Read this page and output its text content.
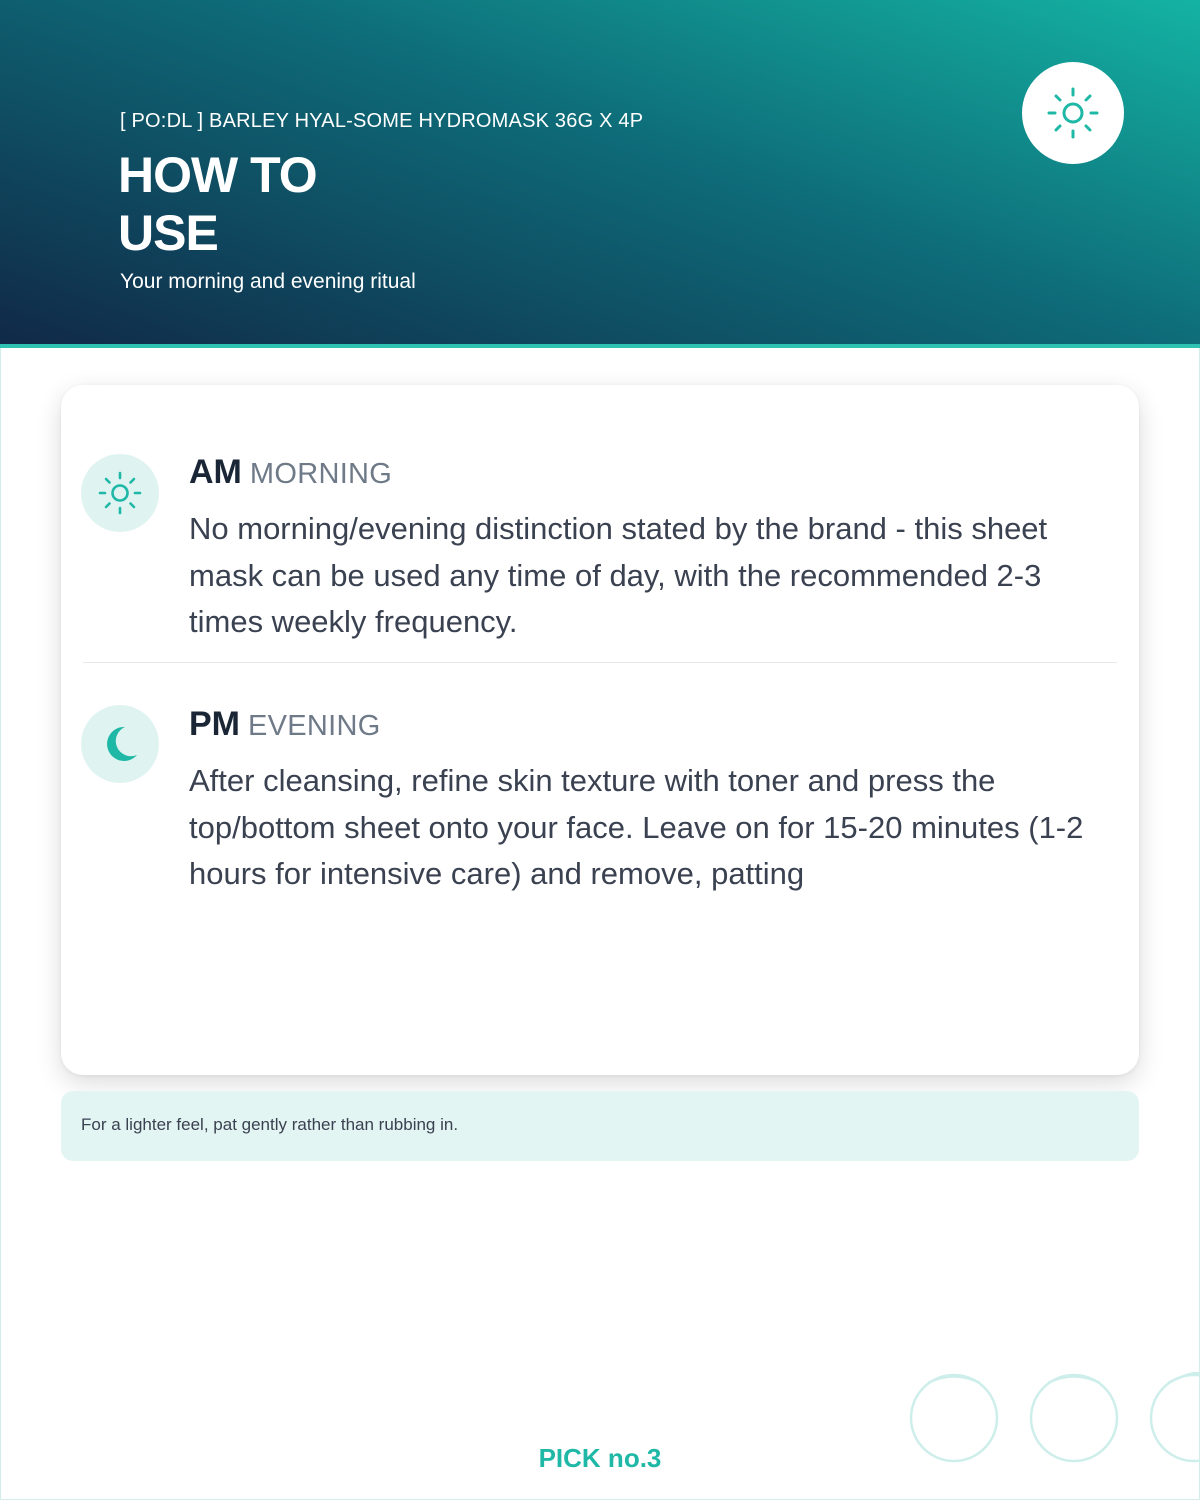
[ PO:DL ] BARLEY HYAL-SOME HYDROMASK 36G X 4P
HOW TO
USE
Your morning and evening ritual
AM MORNING
No morning/evening distinction stated by the brand - this sheet mask can be used any time of day, with the recommended 2-3 times weekly frequency.
PM EVENING
After cleansing, refine skin texture with toner and press the top/bottom sheet onto your face. Leave on for 15-20 minutes (1-2 hours for intensive care) and remove, patting
For a lighter feel, pat gently rather than rubbing in.
PICK no.3
